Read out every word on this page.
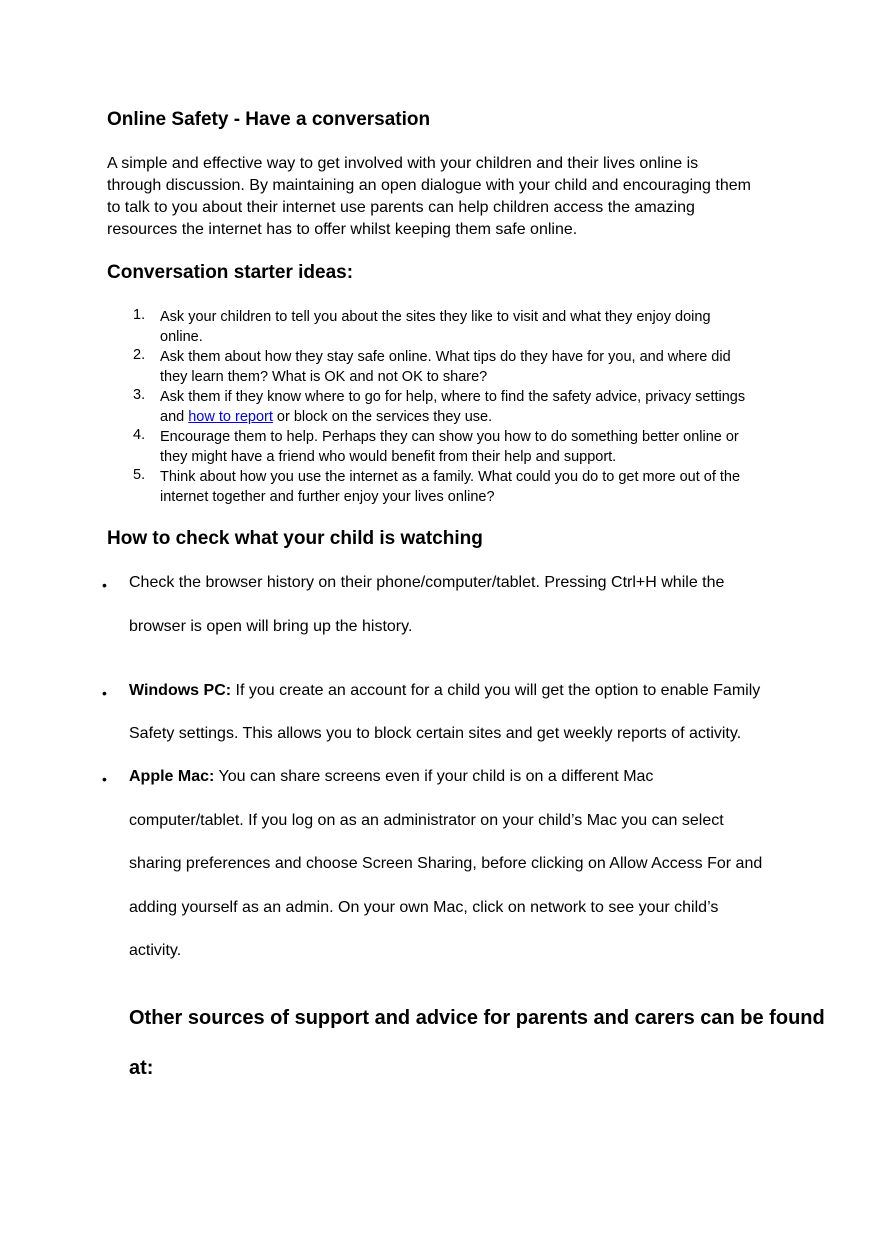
Online Safety - Have a conversation
A simple and effective way to get involved with your children and their lives online is
through discussion. By maintaining an open dialogue with your child and encouraging them
to talk to you about their internet use parents can help children access the amazing
resources the internet has to offer whilst keeping them safe online.
Conversation starter ideas:
1. Ask your children to tell you about the sites they like to visit and what they enjoy doing
online.
2. Ask them about how they stay safe online. What tips do they have for you, and where did
they learn them? What is OK and not OK to share?
3. Ask them if they know where to go for help, where to find the safety advice, privacy settings
and how to report or block on the services they use.
4. Encourage them to help. Perhaps they can show you how to do something better online or
they might have a friend who would benefit from their help and support.
5. Think about how you use the internet as a family. What could you do to get more out of the
internet together and further enjoy your lives online?
How to check what your child is watching
• Check the browser history on their phone/computer/tablet. Pressing Ctrl+H while the
browser is open will bring up the history.
• Windows PC: If you create an account for a child you will get the option to enable Family
Safety settings. This allows you to block certain sites and get weekly reports of activity.
• Apple Mac: You can share screens even if your child is on a different Mac
computer/tablet. If you log on as an administrator on your child’s Mac you can select
sharing preferences and choose Screen Sharing, before clicking on Allow Access For and
adding yourself as an admin. On your own Mac, click on network to see your child’s
activity.
Other sources of support and advice for parents and carers can be found
at:
